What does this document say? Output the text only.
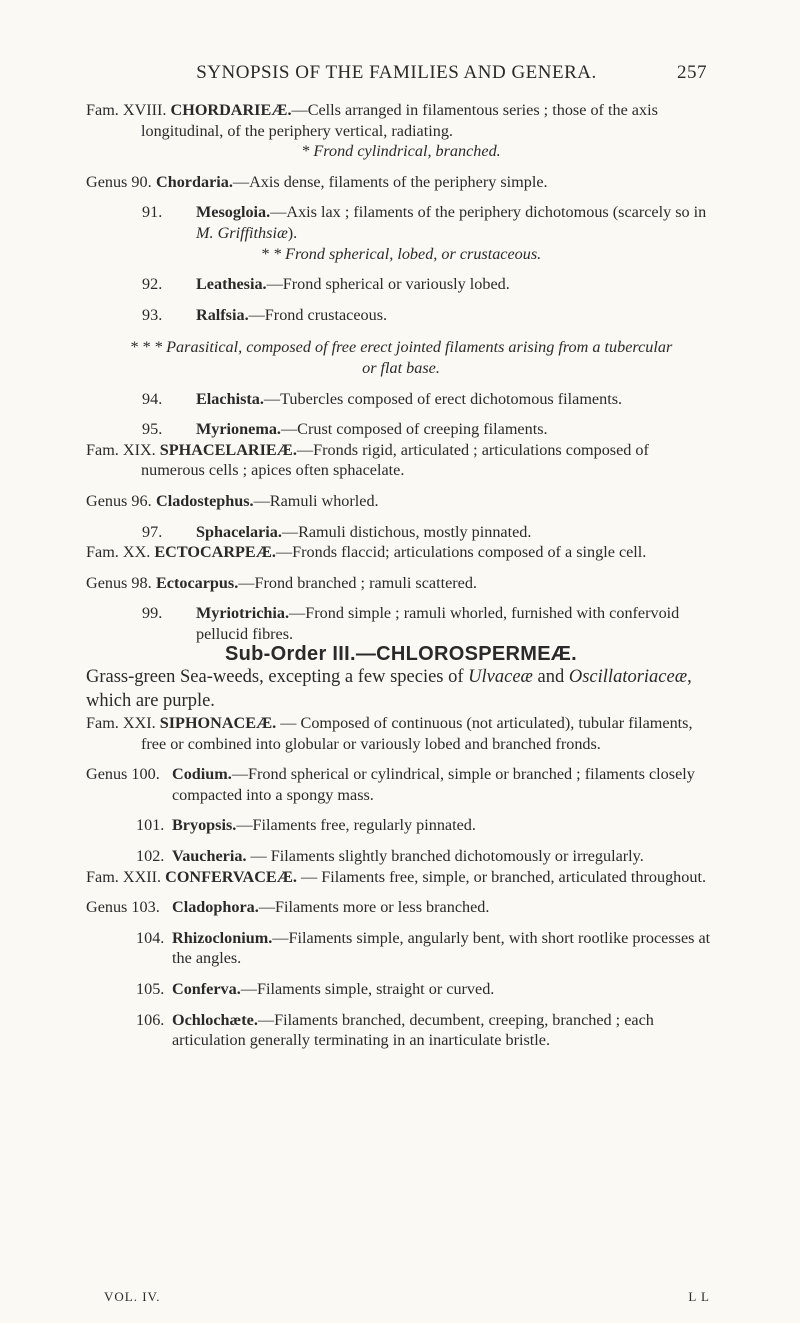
SYNOPSIS OF THE FAMILIES AND GENERA.	257

Fam. XVIII. CHORDARIEÆ.—Cells arranged in filamentous series ; those of the axis longitudinal, of the periphery vertical, radiating.

* Frond cylindrical, branched.

Genus 90. Chordaria.—Axis dense, filaments of the periphery simple.
91.	Mesogloia.—Axis lax ; filaments of the periphery dichotomous (scarcely so in M. Griffithsiæ).

* * Frond spherical, lobed, or crustaceous.

92.	Leathesia.—Frond spherical or variously lobed.
93.	Ralfsia.—Frond crustaceous.

* * * Parasitical, composed of free erect jointed filaments arising from a tubercular

or flat base.

94.	Elachista.—Tubercles composed of erect dichotomous filaments.
95.	Myrionema.—Crust composed of creeping filaments.

Fam. XIX. SPHACELARIEÆ.—Fronds rigid, articulated ; articulations composed of numerous cells ; apices often sphacelate.

Genus 96. Cladostephus.—Ramuli whorled.
97.	Sphacelaria.—Ramuli distichous, mostly pinnated.

Fam. XX. ECTOCARPEÆ.—Fronds flaccid; articulations composed of a single cell.

Genus 98. Ectocarpus.—Frond branched ; ramuli scattered.
99.	Myriotrichia.—Frond simple ; ramuli whorled, furnished with confervoid pellucid fibres.

Sub-Order III.—CHLOROSPERMEÆ.

Grass-green Sea-weeds, excepting a few species of Ulvaceæ and Oscillatoriaceæ, which are purple.

Fam. XXI. SIPHONACEÆ. — Composed of continuous (not articulated), tubular filaments, free or combined into globular or variously lobed and branched fronds.

Genus 100. Codium.—Frond spherical or cylindrical, simple or branched ; filaments closely compacted into a spongy mass.
101. Bryopsis.—Filaments free, regularly pinnated.
102. Vaucheria. — Filaments slightly branched dichotomously or irregularly.

Fam. XXII. CONFERVACEÆ. — Filaments free, simple, or branched, articulated throughout.

Genus 103. Cladophora.—Filaments more or less branched.
104. Rhizoclonium.—Filaments simple, angularly bent, with short rootlike processes at the angles.
105. Conferva.—Filaments simple, straight or curved.
106. Ochlochæte.—Filaments branched, decumbent, creeping, branched ; each articulation generally terminating in an inarticulate bristle.
VOL. IV.	L L
